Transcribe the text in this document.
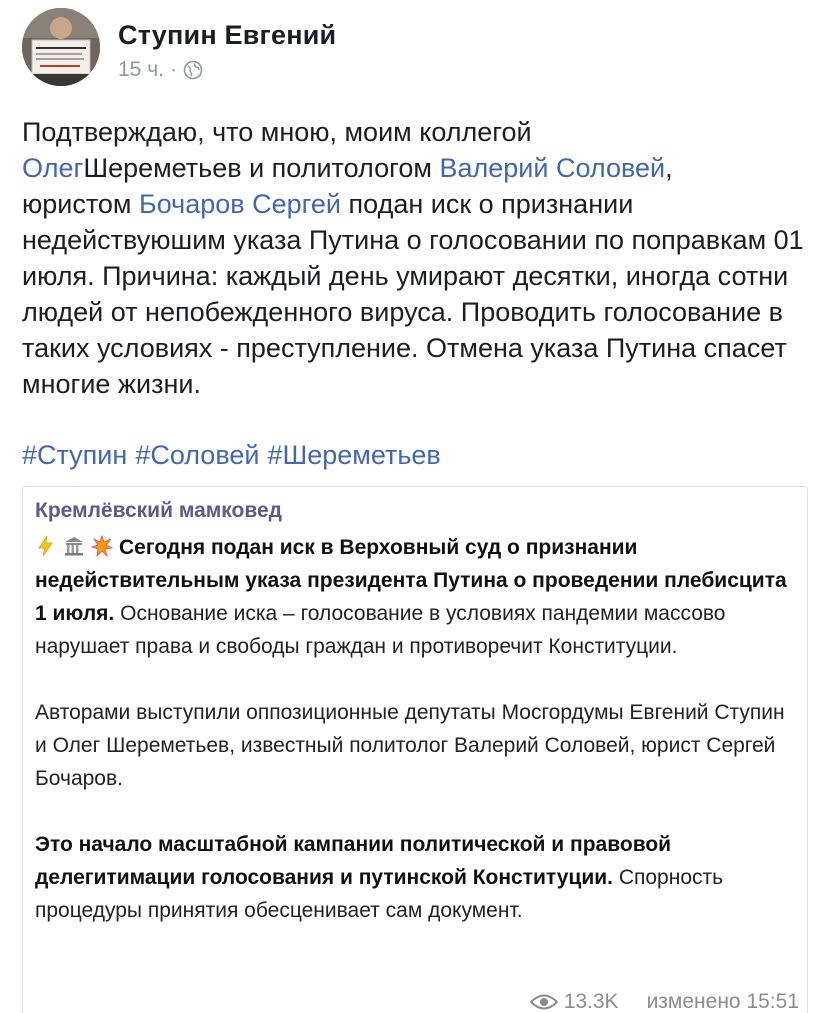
Ступин Евгений
15 ч. ·
Подтверждаю, что мною, моим коллегой
ОлегШереметьев и политологом Валерий Соловей,
юристом Бочаров Сергей подан иск о признании недействуюшим указа Путина о голосовании по поправкам 01 июля. Причина: каждый день умирают десятки, иногда сотни людей от непобежденного вируса. Проводить голосование в таких условиях - преступление. Отмена указа Путина спасет многие жизни.
#Ступин #Соловей #Шереметьев
Кремлёвский мамковед

Сегодня подан иск в Верховный суд о признании недействительным указа президента Путина о проведении плебисцита 1 июля. Основание иска – голосование в условиях пандемии массово нарушает права и свободы граждан и противоречит Конституции.

Авторами выступили оппозиционные депутаты Мосгордумы Евгений Ступин и Олег Шереметьев, известный политолог Валерий Соловей, юрист Сергей Бочаров.

Это начало масштабной кампании политической и правовой делегитимации голосования и путинской Конституции. Спорность процедуры принятия обесценивает сам документ.

13.3K изменено 15:51
